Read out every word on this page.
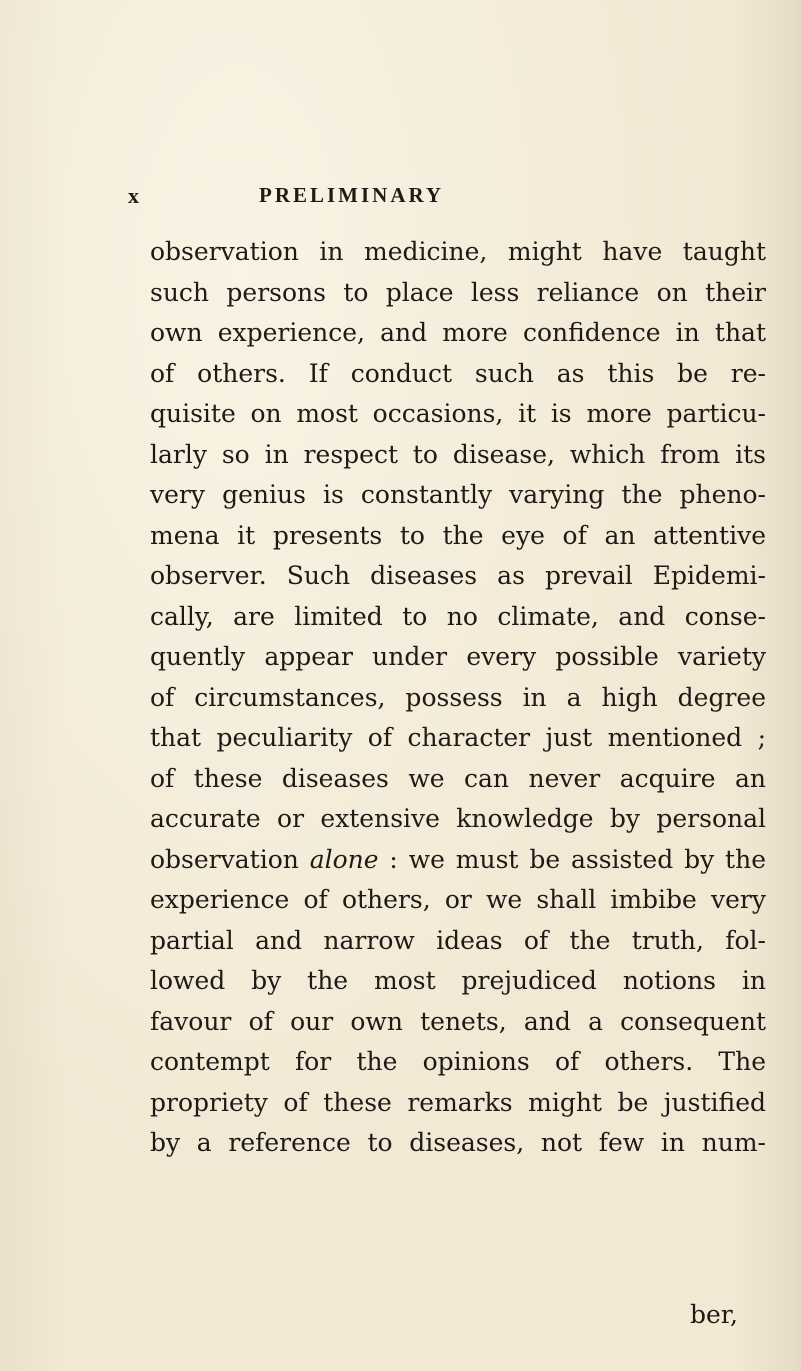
x	PRELIMINARY
observation in medicine, might have taught
such persons to place less reliance on their
own experience, and more confidence in that
of others. If conduct such as this be re-
quisite on most occasions, it is more particu-
larly so in respect to disease, which from its
very genius is constantly varying the pheno-
mena it presents to the eye of an attentive
observer. Such diseases as prevail Epidemi-
cally, are limited to no climate, and conse-
quently appear under every possible variety
of circumstances, possess in a high degree
that peculiarity of character just mentioned ;
of these diseases we can never acquire an
accurate or extensive knowledge by personal
observation alone : we must be assisted by the
experience of others, or we shall imbibe very
partial and narrow ideas of the truth, fol-
lowed by the most prejudiced notions in
favour of our own tenets, and a consequent
contempt for the opinions of others. The
propriety of these remarks might be justified
by a reference to diseases, not few in num-
ber,
